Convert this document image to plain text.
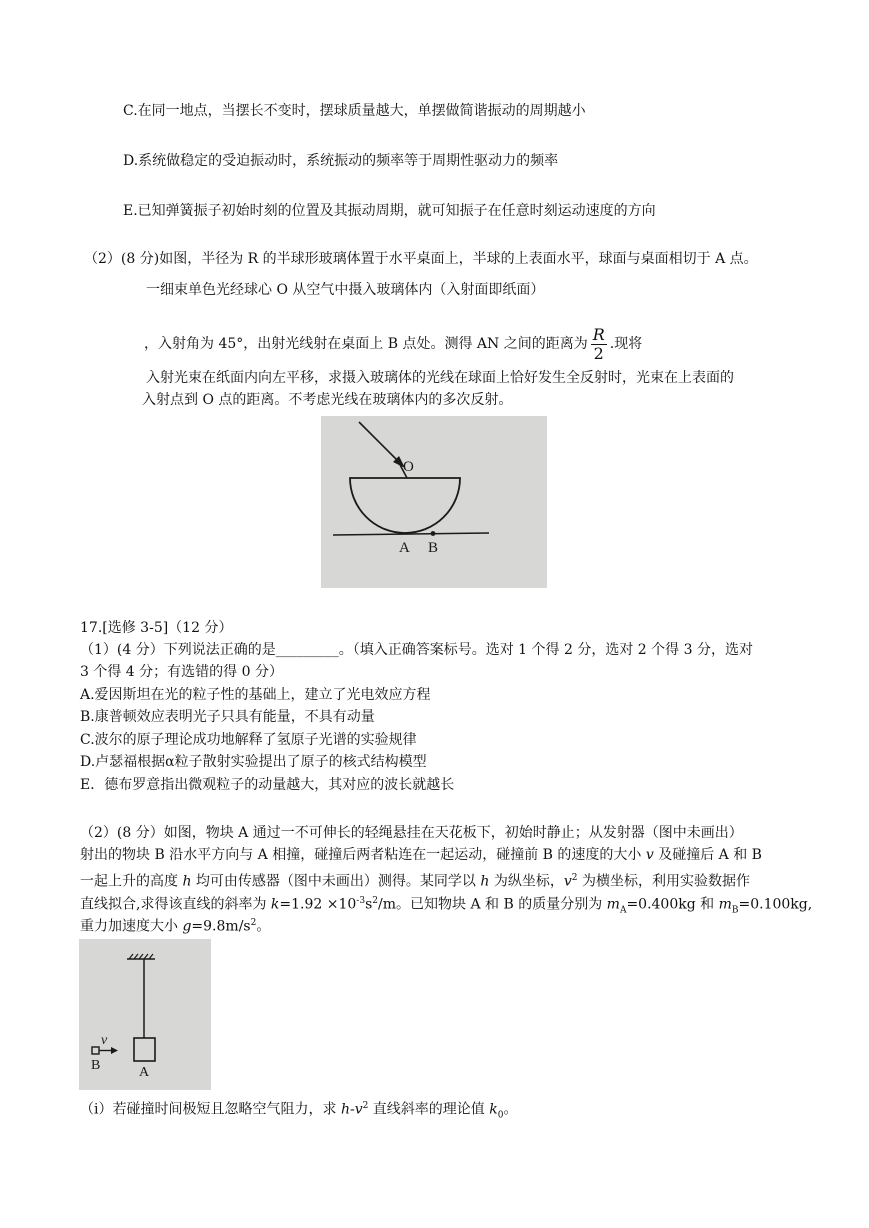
C.在同一地点，当摆长不变时，摆球质量越大，单摆做简谐振动的周期越小
D.系统做稳定的受迫振动时，系统振动的频率等于周期性驱动力的频率
E.已知弹簧振子初始时刻的位置及其振动周期，就可知振子在任意时刻运动速度的方向
（2）(8 分)如图，半径为 R 的半球形玻璃体置于水平桌面上，半球的上表面水平，球面与桌面相切于 A 点。
一细束单色光经球心 O 从空气中摄入玻璃体内（入射面即纸面）
，入射角为 45°，出射光线射在桌面上 B 点处。测得 AN 之间的距离为 $\frac{R}{2}$ .现将
入射光束在纸面内向左平移，求摄入玻璃体的光线在球面上恰好发生全反射时，光束在上表面的
入射点到 O 点的距离。不考虑光线在玻璃体内的多次反射。
O
A B
17.[选修 3-5]（12 分）
（1）(4 分）下列说法正确的是_________。（填入正确答案标号。选对 1 个得 2 分，选对 2 个得 3 分，选对
3 个得 4 分；有选错的得 0 分）
A.爱因斯坦在光的粒子性的基础上，建立了光电效应方程
B.康普顿效应表明光子只具有能量，不具有动量
C.波尔的原子理论成功地解释了氢原子光谱的实验规律
D.卢瑟福根据α粒子散射实验提出了原子的核式结构模型
E．德布罗意指出微观粒子的动量越大，其对应的波长就越长
（2）(8 分）如图，物块 A 通过一不可伸长的轻绳悬挂在天花板下，初始时静止；从发射器（图中未画出）
射出的物块 B 沿水平方向与 A 相撞，碰撞后两者粘连在一起运动，碰撞前 B 的速度的大小 v 及碰撞后 A 和 B
一起上升的高度 h 均可由传感器（图中未画出）测得。某同学以 h 为纵坐标，$v^2$ 为横坐标，利用实验数据作
直线拟合,求得该直线的斜率为 $k=1.92 \times 10^{-3}s^2/m$。已知物块 A 和 B 的质量分别为 $m_A=0.400kg$ 和 $m_B=0.100kg$,
重力加速度大小 $g=9.8m/s^2$。
v
B	A
（i）若碰撞时间极短且忽略空气阻力，求 $h-v^2$ 直线斜率的理论值 $k_0$。
